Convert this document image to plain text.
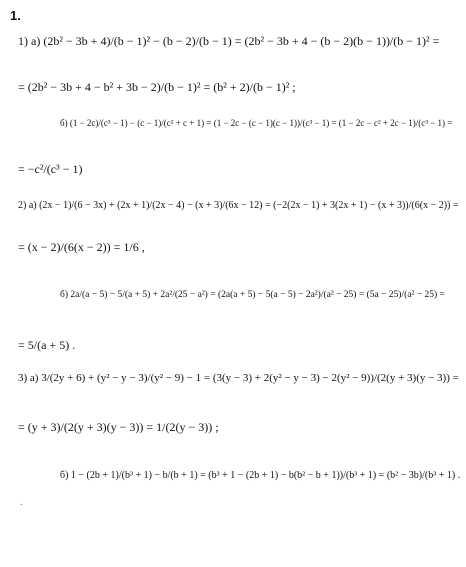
1.
1) a) (2b² − 3b + 4)/(b − 1)² − (b − 2)/(b − 1) = (2b² − 3b + 4 − (b − 2)(b − 1))/(b − 1)² =
= (2b² − 3b + 4 − b² + 3b − 2)/(b − 1)² = (b² + 2)/(b − 1)² ;
б) (1 − 2c)/(c³ − 1) − (c − 1)/(c² + c + 1) = (1 − 2c − (c − 1)(c − 1))/(c³ − 1) = (1 − 2c − c² + 2c − 1)/(c³ − 1) =
= −c²/(c³ − 1)
2) a) (2x − 1)/(6 − 3x) + (2x + 1)/(2x − 4) − (x + 3)/(6x − 12) = (−2(2x − 1) + 3(2x + 1) − (x + 3))/(6(x − 2)) =
= (x − 2)/(6(x − 2)) = 1/6 ,
б) 2a/(a − 5) − 5/(a + 5) + 2a²/(25 − a²) = (2a(a + 5) − 5(a − 5) − 2a²)/(a² − 25) = (5a − 25)/(a² − 25) =
= 5/(a + 5) .
3) a) 3/(2y + 6) + (y² − y − 3)/(y² − 9) − 1 = (3(y − 3) + 2(y² − y − 3) − 2(y² − 9))/(2(y + 3)(y − 3)) =
= (y + 3)/(2(y + 3)(y − 3)) = 1/(2(y − 3)) ;
б) 1 − (2b + 1)/(b³ + 1) − b/(b + 1) = (b³ + 1 − (2b + 1) − b(b² − b + 1))/(b³ + 1) = (b² − 3b)/(b³ + 1) .
.
